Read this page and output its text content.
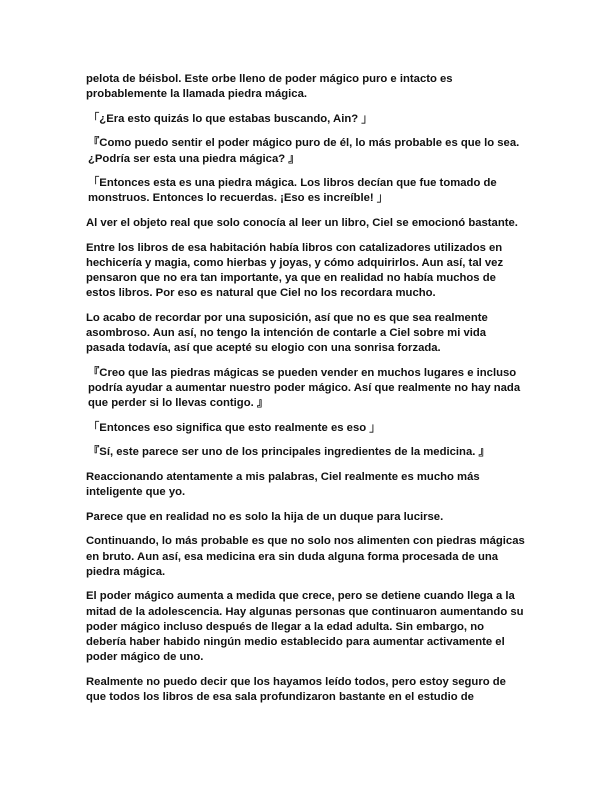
pelota de béisbol. Este orbe lleno de poder mágico puro e intacto es probablemente la llamada piedra mágica.

「¿Era esto quizás lo que estabas buscando, Ain? 」

『Como puedo sentir el poder mágico puro de él, lo más probable es que lo sea. ¿Podría ser esta una piedra mágica? 』

「Entonces esta es una piedra mágica. Los libros decían que fue tomado de monstruos. Entonces lo recuerdas. ¡Eso es increíble! 」

Al ver el objeto real que solo conocía al leer un libro, Ciel se emocionó bastante.

Entre los libros de esa habitación había libros con catalizadores utilizados en hechicería y magia, como hierbas y joyas, y cómo adquirirlos. Aun así, tal vez pensaron que no era tan importante, ya que en realidad no había muchos de estos libros. Por eso es natural que Ciel no los recordara mucho.

Lo acabo de recordar por una suposición, así que no es que sea realmente asombroso. Aun así, no tengo la intención de contarle a Ciel sobre mi vida pasada todavía, así que acepté su elogio con una sonrisa forzada.

『Creo que las piedras mágicas se pueden vender en muchos lugares e incluso podría ayudar a aumentar nuestro poder mágico. Así que realmente no hay nada que perder si lo llevas contigo. 』

「Entonces eso significa que esto realmente es eso 」

『Sí, este parece ser uno de los principales ingredientes de la medicina. 』

Reaccionando atentamente a mis palabras, Ciel realmente es mucho más inteligente que yo.

Parece que en realidad no es solo la hija de un duque para lucirse.

Continuando, lo más probable es que no solo nos alimenten con piedras mágicas en bruto. Aun así, esa medicina era sin duda alguna forma procesada de una piedra mágica.

El poder mágico aumenta a medida que crece, pero se detiene cuando llega a la mitad de la adolescencia. Hay algunas personas que continuaron aumentando su poder mágico incluso después de llegar a la edad adulta. Sin embargo, no debería haber habido ningún medio establecido para aumentar activamente el poder mágico de uno.

Realmente no puedo decir que los hayamos leído todos, pero estoy seguro de que todos los libros de esa sala profundizaron bastante en el estudio de
